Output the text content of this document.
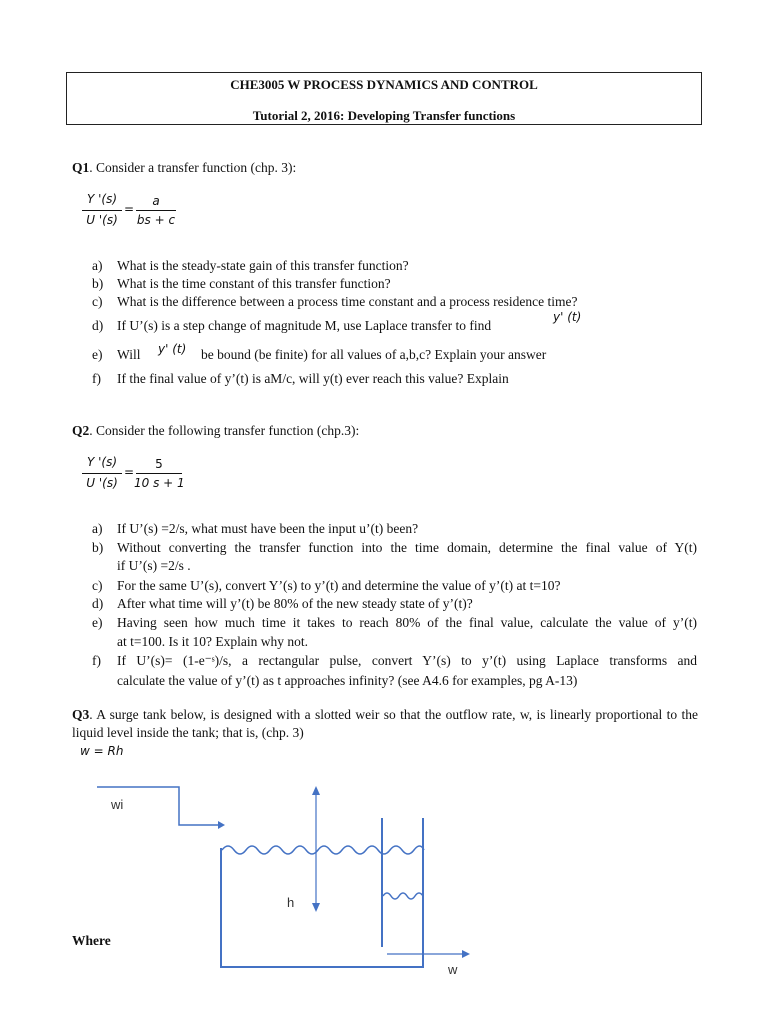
CHE3005 W PROCESS DYNAMICS AND CONTROL
Tutorial 2, 2016: Developing Transfer functions
Q1. Consider a transfer function (chp. 3):
Y '(s)
U '(s)
=
a
bs + c
a) What is the steady-state gain of this transfer function?
b) What is the time constant of this transfer function?
c) What is the difference between a process time constant and a process residence time?
d) If U’(s) is a step change of magnitude M, use Laplace transfer to find
y' (t)
e) Will y' (t) be bound (be finite) for all values of a,b,c? Explain your answer
f) If the final value of y’(t) is aM/c, will y(t) ever reach this value? Explain
Q2. Consider the following transfer function (chp.3):
Y '(s)
U '(s)
=
5
10 s + 1
a) If U’(s) =2/s, what must have been the input u’(t) been?
b) Without converting the transfer function into the time domain, determine the final value of Y(t)
if U’(s) =2/s .
c) For the same U’(s), convert Y’(s) to y’(t) and determine the value of y’(t) at t=10?
d) After what time will y’(t) be 80% of the new steady state of y’(t)?
e) Having seen how much time it takes to reach 80% of the final value, calculate the value of y’(t)
at t=100. Is it 10? Explain why not.
f) If U’(s)= (1-e⁻ˢ)/s, a rectangular pulse, convert Y’(s) to y’(t) using Laplace transforms and
calculate the value of y’(t) as t approaches infinity? (see A4.6 for examples, pg A-13)
Q3. A surge tank below, is designed with a slotted weir so that the outflow rate, w, is linearly proportional to the liquid level inside the tank; that is, (chp. 3)
w = Rh
wi
h
w
Where
